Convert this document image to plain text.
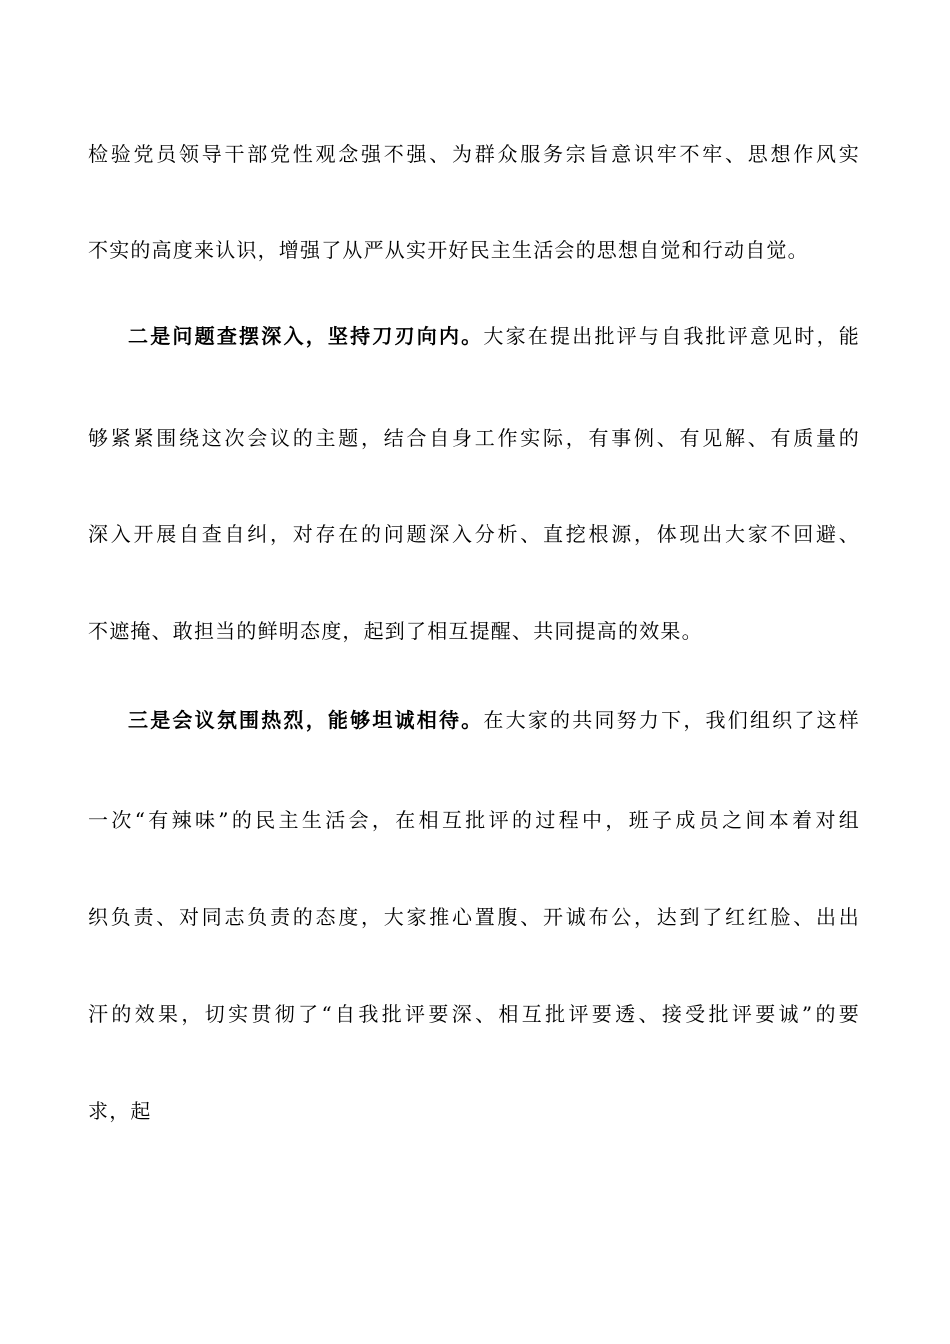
检验党员领导干部党性观念强不强、为群众服务宗旨意识牢不牢、思想作风实
不实的高度来认识，增强了从严从实开好民主生活会的思想自觉和行动自觉。
二是问题查摆深入，坚持刀刃向内。大家在提出批评与自我批评意见时，能
够紧紧围绕这次会议的主题，结合自身工作实际，有事例、有见解、有质量的
深入开展自查自纠，对存在的问题深入分析、直挖根源，体现出大家不回避、
不遮掩、敢担当的鲜明态度，起到了相互提醒、共同提高的效果。
三是会议氛围热烈，能够坦诚相待。在大家的共同努力下，我们组织了这样
一次“有辣味”的民主生活会，在相互批评的过程中，班子成员之间本着对组
织负责、对同志负责的态度，大家推心置腹、开诚布公，达到了红红脸、出出
汗的效果，切实贯彻了“自我批评要深、相互批评要透、接受批评要诚”的要
求，起
